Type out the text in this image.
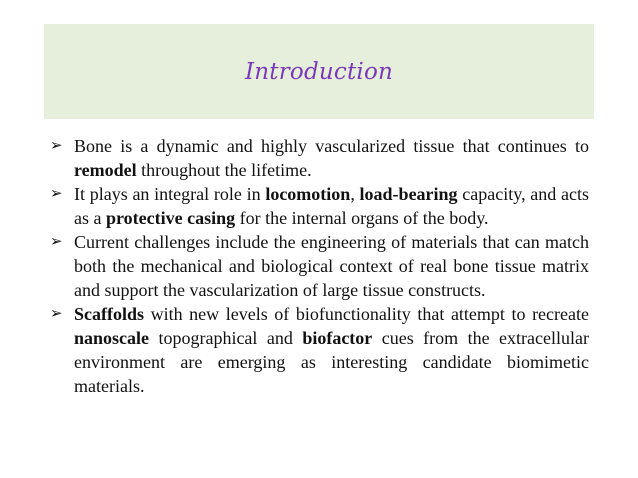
Introduction
➢ Bone is a dynamic and highly vascularized tissue that continues to remodel throughout the lifetime.
➢ It plays an integral role in locomotion, load-bearing capacity, and acts as a protective casing for the internal organs of the body.
➢ Current challenges include the engineering of materials that can match both the mechanical and biological context of real bone tissue matrix and support the vascularization of large tissue constructs.
➢ Scaffolds with new levels of biofunctionality that attempt to recreate nanoscale topographical and biofactor cues from the extracellular environment are emerging as interesting candidate biomimetic materials.
